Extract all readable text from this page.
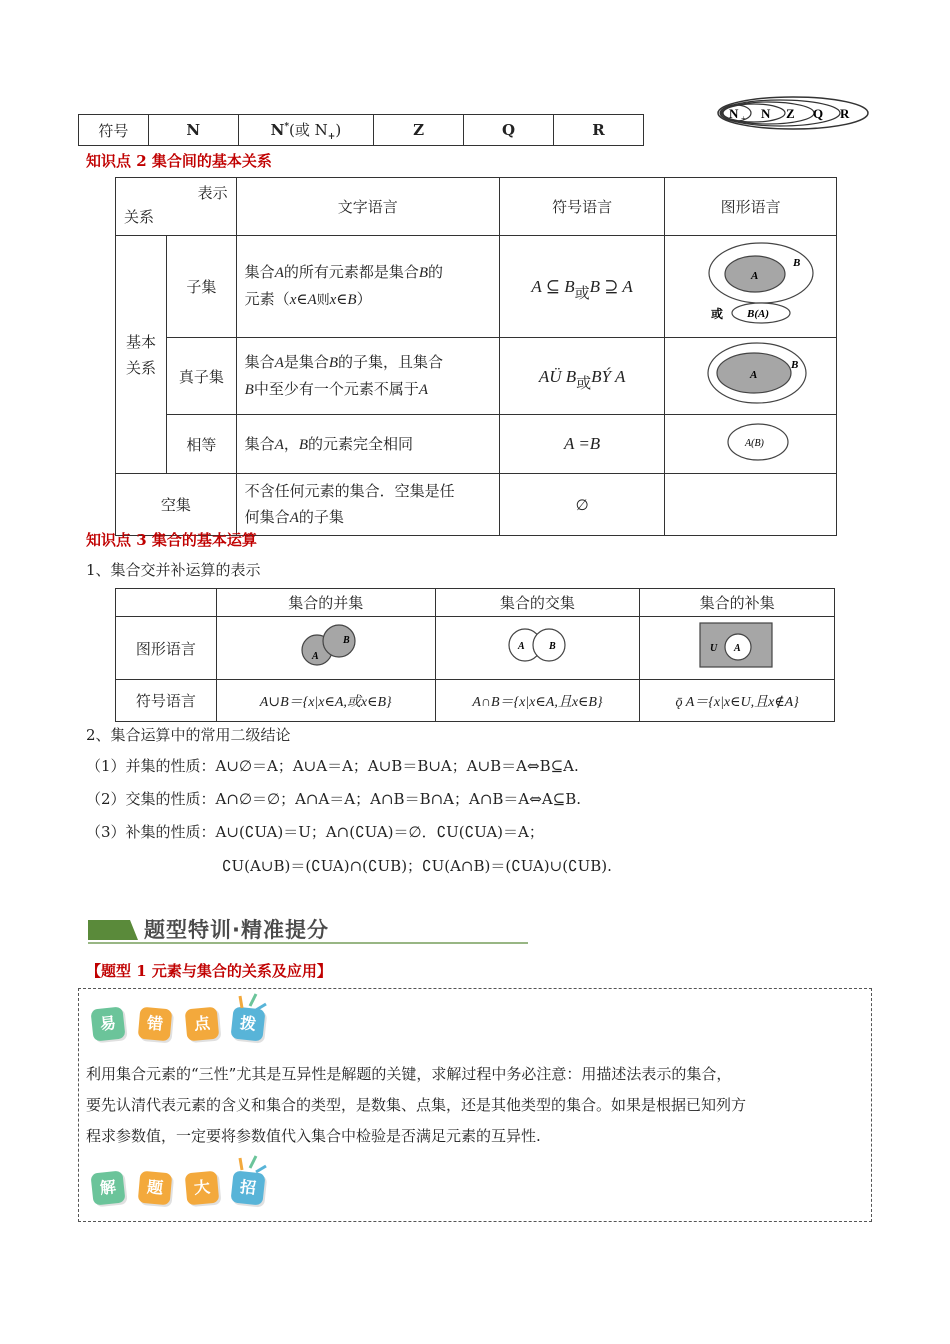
N + N Z Q R
符号	N	N*(或 $N_+$)	Z	Q	R
知识点 2 集合间的基本关系
表示
关系		文字语言	符号语言	图形语言
基本关系	子集	集合A的所有元素都是集合B的
元素（x∈A则x∈B）	A ⊆ B或B ⊇ A	A
B
或 B(A)

	真子集	集合A是集合B的子集，且集合
B中至少有一个元素不属于A	AÜ B或BÝ A	A
B

	相等	集合A，B的元素完全相同	A =B	A(B)

空集		不含任何元素的集合．空集是任
何集合A的子集	∅	
知识点 3 集合的基本运算
1、集合交并补运算的表示
	集合的并集	集合的交集	集合的补集
图形语言	A
B	A B	U A

符号语言	A∪B＝{x|x∈A,或x∈B}	A∩B＝{x|x∈A,且x∈B}	ǭ A＝{x|x∈U,且x∉A}
2、集合运算中的常用二级结论
（1）并集的性质：A∪∅＝A；A∪A＝A；A∪B＝B∪A；A∪B＝A⇔B⊆A.
（2）交集的性质：A∩∅＝∅；A∩A＝A；A∩B＝B∩A；A∩B＝A⇔A⊆B.
（3）补集的性质：A∪(∁UA)＝U；A∩(∁UA)＝∅．∁U(∁UA)＝A；
∁U(A∪B)＝(∁UA)∩(∁UB)；∁U(A∩B)＝(∁UA)∪(∁UB).
题型特训·精准提分
【题型 1 元素与集合的关系及应用】
易 错 点 拨
利用集合元素的“三性”尤其是互异性是解题的关键，求解过程中务必注意：用描述法表示的集合，
要先认清代表元素的含义和集合的类型，是数集、点集，还是其他类型的集合。如果是根据已知列方
程求参数值，一定要将参数值代入集合中检验是否满足元素的互异性.
解 题 大 招
